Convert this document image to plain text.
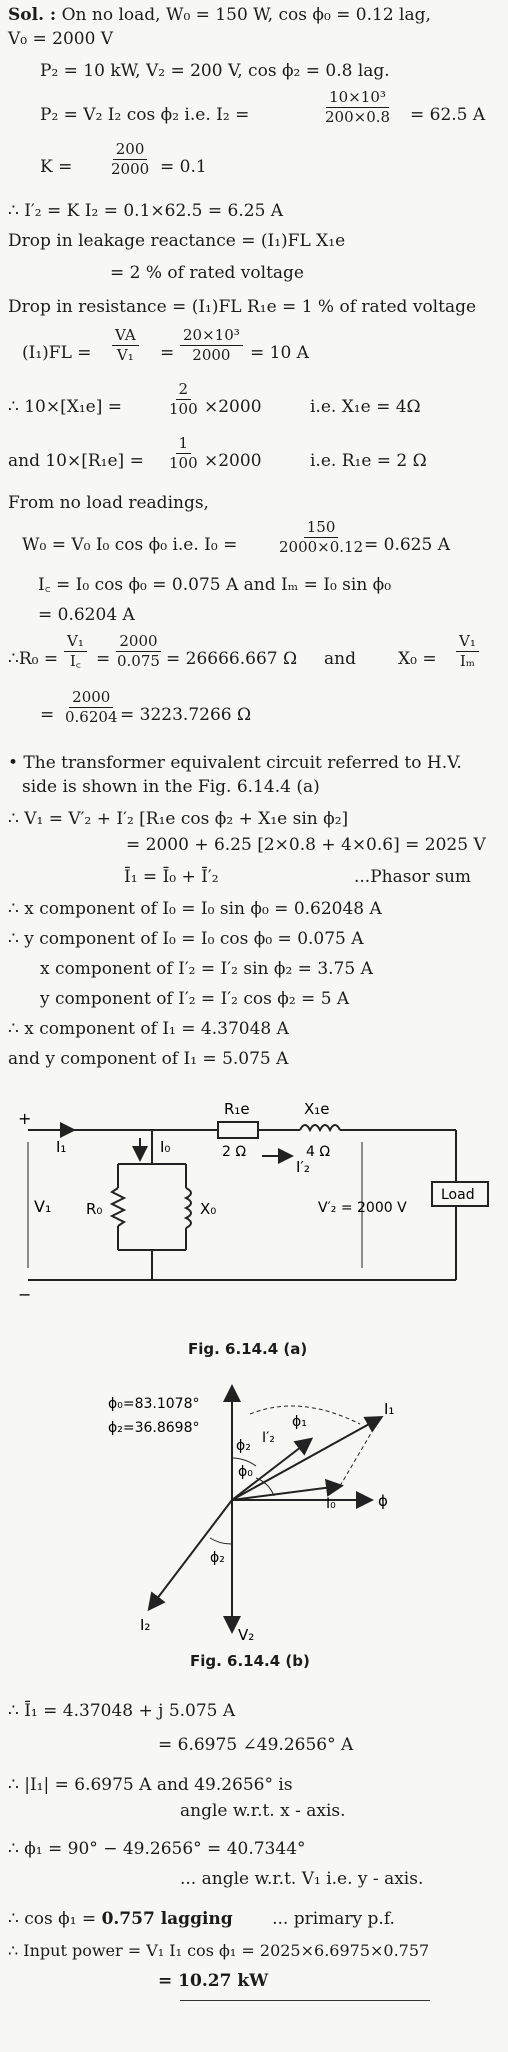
Sol. : On no load, W₀ = 150 W, cos ϕ₀ = 0.12 lag,
V₀ = 2000 V
P₂ = 10 kW, V₂ = 200 V, cos ϕ₂ = 0.8 lag.
P₂ = V₂ I₂ cos ϕ₂ i.e. I₂ =
10×10³
200×0.8 = 62.5 A
K =
200
2000 = 0.1
∴ I′₂ = K I₂ = 0.1×62.5 = 6.25 A
Drop in leakage reactance = (I₁)FL X₁e
= 2 % of rated voltage
Drop in resistance = (I₁)FL R₁e = 1 % of rated voltage
(I₁)FL =
VA
V₁ =
20×10³
2000 = 10 A
∴ 10×[X₁e] =
2
100 ×2000	i.e. X₁e = 4Ω
and 10×[R₁e] =
1
100 ×2000	i.e. R₁e = 2 Ω
From no load readings,
W₀ = V₀ I₀ cos ϕ₀ i.e. I₀ =
150
2000×0.12 = 0.625 A
I꜀ = I₀ cos ϕ₀ = 0.075 A and Iₘ = I₀ sin ϕ₀
= 0.6204 A
∴R₀ =
V₁
I꜀ =
2000
0.075 = 26666.667 Ω and X₀ =
V₁
Iₘ
=
2000
0.6204 = 3223.7266 Ω
• The transformer equivalent circuit referred to H.V.
side is shown in the Fig. 6.14.4 (a)
∴ V₁ = V′₂ + I′₂ [R₁e cos ϕ₂ + X₁e sin ϕ₂]
= 2000 + 6.25 [2×0.8 + 4×0.6] = 2025 V
Ī₁ = Ī₀ + Ī′₂	...Phasor sum
∴ x component of I₀ = I₀ sin ϕ₀ = 0.62048 A
∴ y component of I₀ = I₀ cos ϕ₀ = 0.075 A
x component of I′₂ = I′₂ sin ϕ₂ = 3.75 A
y component of I′₂ = I′₂ cos ϕ₂ = 5 A
∴ x component of I₁ = 4.37048 A
and y component of I₁ = 5.075 A
+
−
I₁	I₀
R₁e
2 Ω
X₁e
4 Ω
I′₂
V₁ R₀	X₀	V′₂ = 2000 V
Load
Fig. 6.14.4 (a)
ϕ₀=83.1078°
ϕ₂=36.8698°
I₁
I′₂
ϕ₁
ϕ₂
ϕ₀
I₀	ϕ
ϕ₂
I₂
V₂
Fig. 6.14.4 (b)
∴ Ī₁ = 4.37048 + j 5.075 A
= 6.6975 ∠49.2656° A
∴ |I₁| = 6.6975 A and 49.2656° is
angle w.r.t. x - axis.
∴ ϕ₁ = 90° − 49.2656° = 40.7344°
... angle w.r.t. V₁ i.e. y - axis.
∴ cos ϕ₁ = 0.757 lagging ... primary p.f.
∴ Input power = V₁ I₁ cos ϕ₁ = 2025×6.6975×0.757
= 10.27 kW
